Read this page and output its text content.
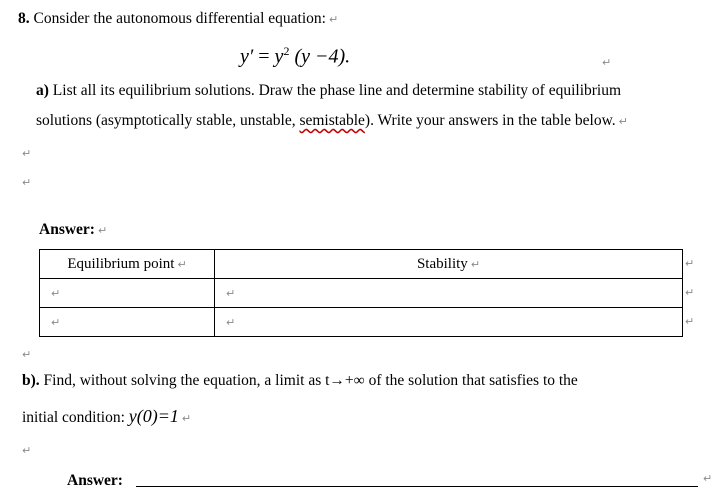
8. Consider the autonomous differential equation: ↵
$y' = y^2$ (y −4).	↵
a) List all its equilibrium solutions. Draw the phase line and determine stability of equilibrium
solutions (asymptotically stable, unstable, semistable). Write your answers in the table below. ↵
↵
↵
Answer: ↵
Equilibrium point ↵	Stability ↵
↵	↵
↵	↵
↵
↵
↵
↵
b). Find, without solving the equation, a limit as t→+∞ of the solution that satisfies to the
initial condition: y(0)=1 ↵
↵
Answer:	↵
